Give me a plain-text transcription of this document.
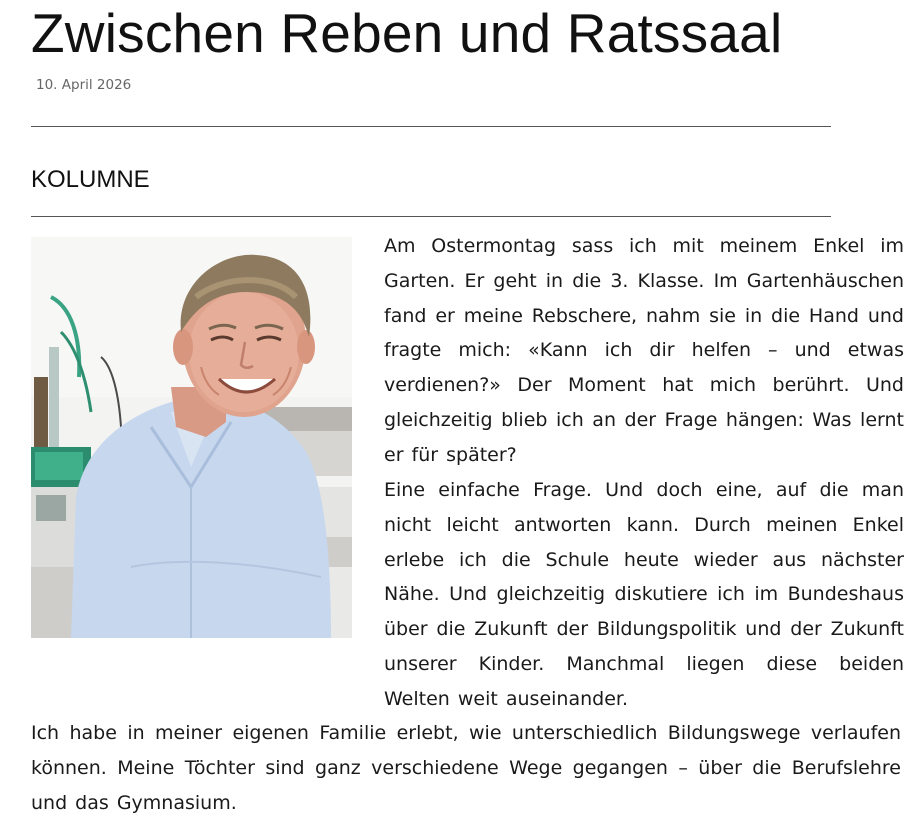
Zwischen Reben und Ratssaal
10. April 2026
KOLUMNE

Am Ostermontag sass ich mit meinem Enkel im Garten. Er geht in die 3. Klasse. Im Gartenhäuschen fand er meine Rebschere, nahm sie in die Hand und fragte mich: «Kann ich dir helfen – und etwas verdienen?» Der Moment hat mich berührt. Und gleichzeitig blieb ich an der Frage hängen: Was lernt er für später?

Eine einfache Frage. Und doch eine, auf die man nicht leicht antworten kann. Durch meinen Enkel erlebe ich die Schule heute wieder aus nächster Nähe. Und gleichzeitig diskutiere ich im Bundeshaus über die Zukunft der Bildungspolitik und der Zukunft unserer Kinder. Manchmal liegen diese beiden Welten weit auseinander.

Ich habe in meiner eigenen Familie erlebt, wie unterschiedlich Bildungswege verlaufen können. Meine Töchter sind ganz verschiedene Wege gegangen – über die Berufslehre und das Gymnasium.
